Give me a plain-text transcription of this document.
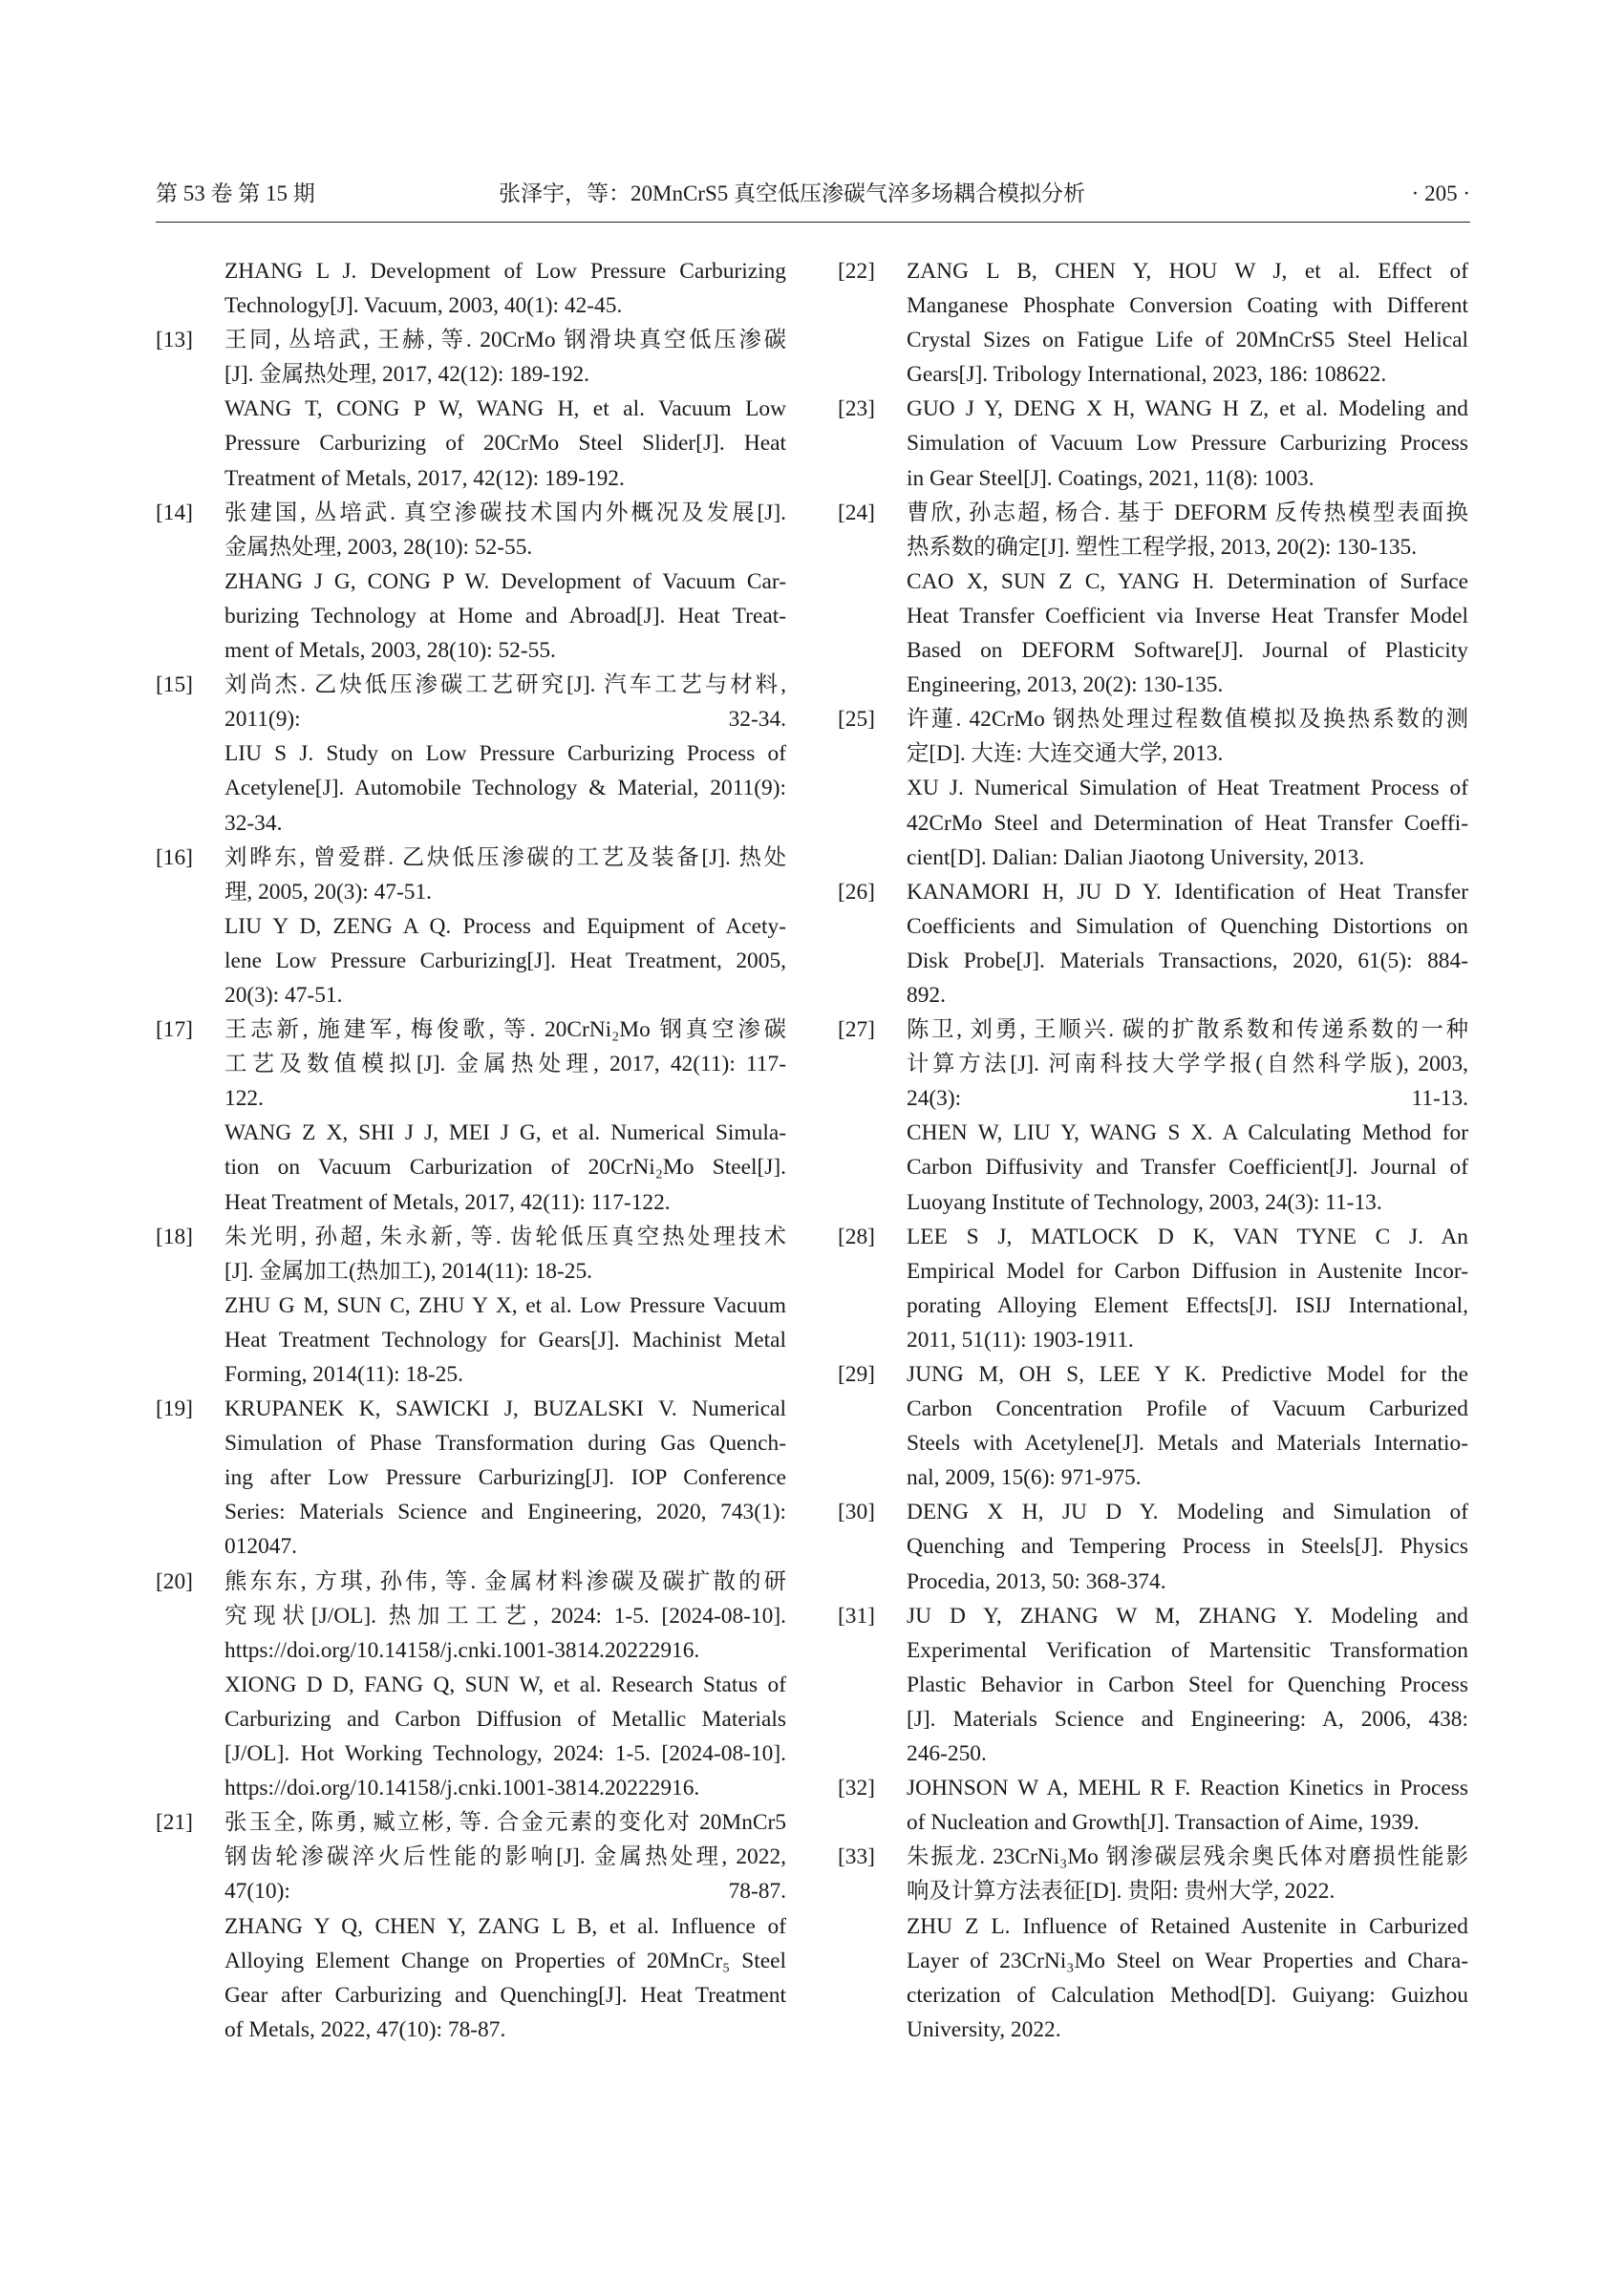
第 53 卷 第 15 期	张泽宇，等：20MnCrS5 真空低压渗碳气淬多场耦合模拟分析	· 205 ·
ZHANG L J. Development of Low Pressure Carburizing
Technology[J]. Vacuum, 2003, 40(1): 42-45.
[13] 王同, 丛培武, 王赫, 等. 20CrMo 钢滑块真空低压渗碳
[J]. 金属热处理, 2017, 42(12): 189-192.
WANG T, CONG P W, WANG H, et al. Vacuum Low
Pressure Carburizing of 20CrMo Steel Slider[J]. Heat
Treatment of Metals, 2017, 42(12): 189-192.
[14] 张建国, 丛培武. 真空渗碳技术国内外概况及发展[J].
金属热处理, 2003, 28(10): 52-55.
ZHANG J G, CONG P W. Development of Vacuum Car-
burizing Technology at Home and Abroad[J]. Heat Treat-
ment of Metals, 2003, 28(10): 52-55.
[15] 刘尚杰. 乙炔低压渗碳工艺研究[J]. 汽车工艺与材料,
2011(9): 32-34.
LIU S J. Study on Low Pressure Carburizing Process of
Acetylene[J]. Automobile Technology & Material, 2011(9):
32-34.
[16] 刘晔东, 曾爱群. 乙炔低压渗碳的工艺及装备[J]. 热处
理, 2005, 20(3): 47-51.
LIU Y D, ZENG A Q. Process and Equipment of Acety-
lene Low Pressure Carburizing[J]. Heat Treatment, 2005,
20(3): 47-51.
[17] 王志新, 施建军, 梅俊歌, 等. 20CrNi₂Mo 钢真空渗碳
工艺及数值模拟[J]. 金属热处理, 2017, 42(11): 117-
122.
WANG Z X, SHI J J, MEI J G, et al. Numerical Simula-
tion on Vacuum Carburization of 20CrNi₂Mo Steel[J].
Heat Treatment of Metals, 2017, 42(11): 117-122.
[18] 朱光明, 孙超, 朱永新, 等. 齿轮低压真空热处理技术
[J]. 金属加工(热加工), 2014(11): 18-25.
ZHU G M, SUN C, ZHU Y X, et al. Low Pressure Vacuum
Heat Treatment Technology for Gears[J]. Machinist Metal
Forming, 2014(11): 18-25.
[19] KRUPANEK K, SAWICKI J, BUZALSKI V. Numerical
Simulation of Phase Transformation during Gas Quench-
ing after Low Pressure Carburizing[J]. IOP Conference
Series: Materials Science and Engineering, 2020, 743(1):
012047.
[20] 熊东东, 方琪, 孙伟, 等. 金属材料渗碳及碳扩散的研
究现状[J/OL]. 热加工工艺, 2024: 1-5. [2024-08-10].
https://doi.org/10.14158/j.cnki.1001-3814.20222916.
XIONG D D, FANG Q, SUN W, et al. Research Status of
Carburizing and Carbon Diffusion of Metallic Materials
[J/OL]. Hot Working Technology, 2024: 1-5. [2024-08-10].
https://doi.org/10.14158/j.cnki.1001-3814.20222916.
[21] 张玉全, 陈勇, 臧立彬, 等. 合金元素的变化对 20MnCr5
钢齿轮渗碳淬火后性能的影响[J]. 金属热处理, 2022,
47(10): 78-87.
ZHANG Y Q, CHEN Y, ZANG L B, et al. Influence of
Alloying Element Change on Properties of 20MnCr₅ Steel
Gear after Carburizing and Quenching[J]. Heat Treatment
of Metals, 2022, 47(10): 78-87.
[22] ZANG L B, CHEN Y, HOU W J, et al. Effect of
Manganese Phosphate Conversion Coating with Different
Crystal Sizes on Fatigue Life of 20MnCrS5 Steel Helical
Gears[J]. Tribology International, 2023, 186: 108622.
[23] GUO J Y, DENG X H, WANG H Z, et al. Modeling and
Simulation of Vacuum Low Pressure Carburizing Process
in Gear Steel[J]. Coatings, 2021, 11(8): 1003.
[24] 曹欣, 孙志超, 杨合. 基于 DEFORM 反传热模型表面换
热系数的确定[J]. 塑性工程学报, 2013, 20(2): 130-135.
CAO X, SUN Z C, YANG H. Determination of Surface
Heat Transfer Coefficient via Inverse Heat Transfer Model
Based on DEFORM Software[J]. Journal of Plasticity
Engineering, 2013, 20(2): 130-135.
[25] 许蓮. 42CrMo 钢热处理过程数值模拟及换热系数的测
定[D]. 大连: 大连交通大学, 2013.
XU J. Numerical Simulation of Heat Treatment Process of
42CrMo Steel and Determination of Heat Transfer Coeffi-
cient[D]. Dalian: Dalian Jiaotong University, 2013.
[26] KANAMORI H, JU D Y. Identification of Heat Transfer
Coefficients and Simulation of Quenching Distortions on
Disk Probe[J]. Materials Transactions, 2020, 61(5): 884-
892.
[27] 陈卫, 刘勇, 王顺兴. 碳的扩散系数和传递系数的一种
计算方法[J]. 河南科技大学学报(自然科学版), 2003,
24(3): 11-13.
CHEN W, LIU Y, WANG S X. A Calculating Method for
Carbon Diffusivity and Transfer Coefficient[J]. Journal of
Luoyang Institute of Technology, 2003, 24(3): 11-13.
[28] LEE S J, MATLOCK D K, VAN TYNE C J. An
Empirical Model for Carbon Diffusion in Austenite Incor-
porating Alloying Element Effects[J]. ISIJ International,
2011, 51(11): 1903-1911.
[29] JUNG M, OH S, LEE Y K. Predictive Model for the
Carbon Concentration Profile of Vacuum Carburized
Steels with Acetylene[J]. Metals and Materials Internatio-
nal, 2009, 15(6): 971-975.
[30] DENG X H, JU D Y. Modeling and Simulation of
Quenching and Tempering Process in Steels[J]. Physics
Procedia, 2013, 50: 368-374.
[31] JU D Y, ZHANG W M, ZHANG Y. Modeling and
Experimental Verification of Martensitic Transformation
Plastic Behavior in Carbon Steel for Quenching Process
[J]. Materials Science and Engineering: A, 2006, 438:
246-250.
[32] JOHNSON W A, MEHL R F. Reaction Kinetics in Process
of Nucleation and Growth[J]. Transaction of Aime, 1939.
[33] 朱振龙. 23CrNi₃Mo 钢渗碳层残余奥氏体对磨损性能影
响及计算方法表征[D]. 贵阳: 贵州大学, 2022.
ZHU Z L. Influence of Retained Austenite in Carburized
Layer of 23CrNi₃Mo Steel on Wear Properties and Chara-
cterization of Calculation Method[D]. Guiyang: Guizhou
University, 2022.
